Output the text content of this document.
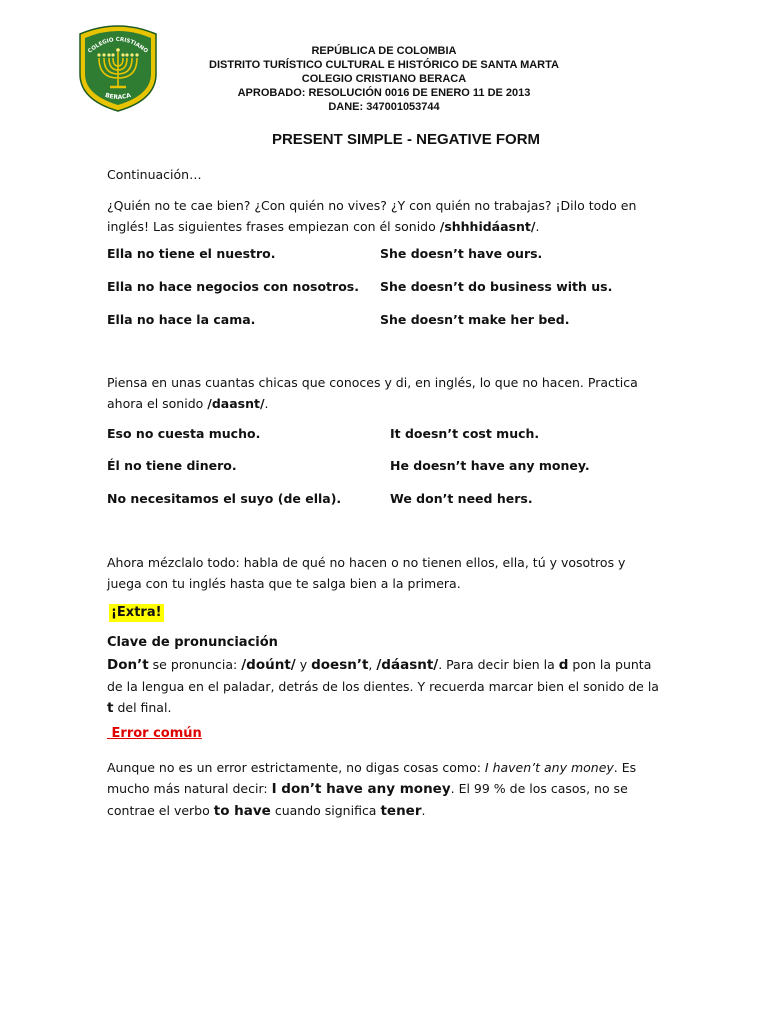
COLEGIO CRISTIANO
BERACA
REPÚBLICA DE COLOMBIA
DISTRITO TURÍSTICO CULTURAL E HISTÓRICO DE SANTA MARTA
COLEGIO CRISTIANO BERACA
APROBADO: RESOLUCIÓN 0016 DE ENERO 11 DE 2013
DANE: 347001053744
PRESENT SIMPLE - NEGATIVE FORM
Continuación…
¿Quién no te cae bien? ¿Con quién no vives? ¿Y con quién no trabajas? ¡Dilo todo en inglés! Las siguientes frases empiezan con él sonido /shhhidáasnt/.
Ella no tiene el nuestro.	She doesn’t have ours.
Ella no hace negocios con nosotros. She doesn’t do business with us.
Ella no hace la cama.	She doesn’t make her bed.
Piensa en unas cuantas chicas que conoces y di, en inglés, lo que no hacen. Practica ahora el sonido /daasnt/.
Eso no cuesta mucho.	It doesn’t cost much.
Él no tiene dinero.	He doesn’t have any money.
No necesitamos el suyo (de ella).	We don’t need hers.
Ahora mézclalo todo: habla de qué no hacen o no tienen ellos, ella, tú y vosotros y juega con tu inglés hasta que te salga bien a la primera.
¡Extra!
Clave de pronunciación
Don’t se pronuncia: /doúnt/ y doesn’t, /dáasnt/. Para decir bien la d pon la punta de la lengua en el paladar, detrás de los dientes. Y recuerda marcar bien el sonido de la t del final.
Error común
Aunque no es un error estrictamente, no digas cosas como: I haven’t any money. Es mucho más natural decir: I don’t have any money. El 99 % de los casos, no se contrae el verbo to have cuando significa tener.
